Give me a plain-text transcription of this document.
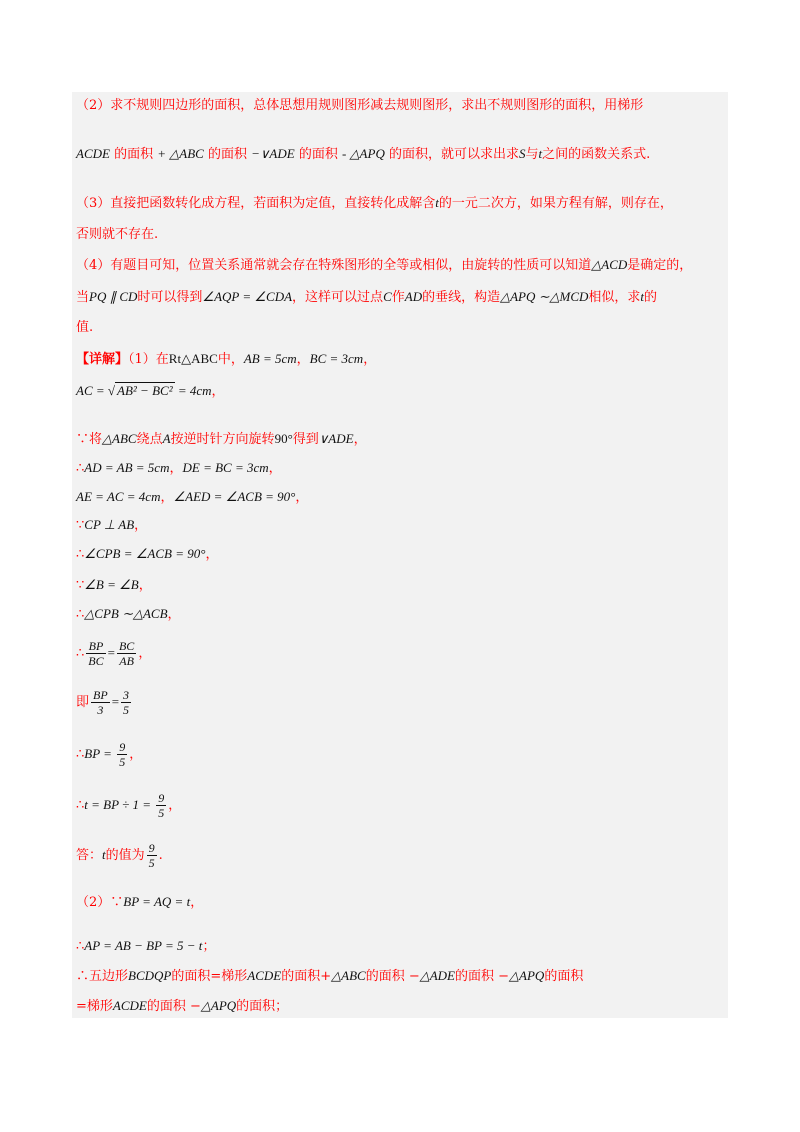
（2）求不规则四边形的面积，总体思想用规则图形减去规则图形，求出不规则图形的面积，用梯形
ACDE 的面积 + △ABC 的面积 −∨ADE 的面积 - △APQ 的面积，就可以求出求S与t之间的函数关系式.
（3）直接把函数转化成方程，若面积为定值，直接转化成解含t的一元二次方，如果方程有解，则存在，
否则就不存在.
（4）有题目可知，位置关系通常就会存在特殊图形的全等或相似，由旋转的性质可以知道△ACD是确定的，
当PQ ∥ CD时可以得到∠AQP = ∠CDA，这样可以过点C作AD的垂线，构造△APQ ∼△MCD相似，求t的
值.
【详解】（1）在Rt△ABC中，AB = 5cm，BC = 3cm，
AC = √ AB² − BC² = 4cm，
∵将△ABC绕点A按逆时针方向旋转90°得到∨ADE，
∴AD = AB = 5cm，DE = BC = 3cm，
AE = AC = 4cm，∠AED = ∠ACB = 90°，
∵CP ⊥ AB，
∴∠CPB = ∠ACB = 90°，
∵∠B = ∠B，
∴△CPB ∼△ACB，
∴ $\frac{BP}{BC} = \frac{BC}{AB}$ ，
即 $\frac{BP}{3} = \frac{3}{5}$
∴BP = $\frac{9}{5}$ ，
∴t = BP ÷ $1 = \frac{9}{5}$ ，
答：t的值为 $\frac{9}{5}$ .
（2）∵BP = AQ = t，
∴AP = AB − BP = 5 − t；
∴五边形BCDQP的面积=梯形ACDE的面积+△ABC的面积 −△ADE的面积 −△APQ的面积
=梯形ACDE的面积 −△APQ的面积；
